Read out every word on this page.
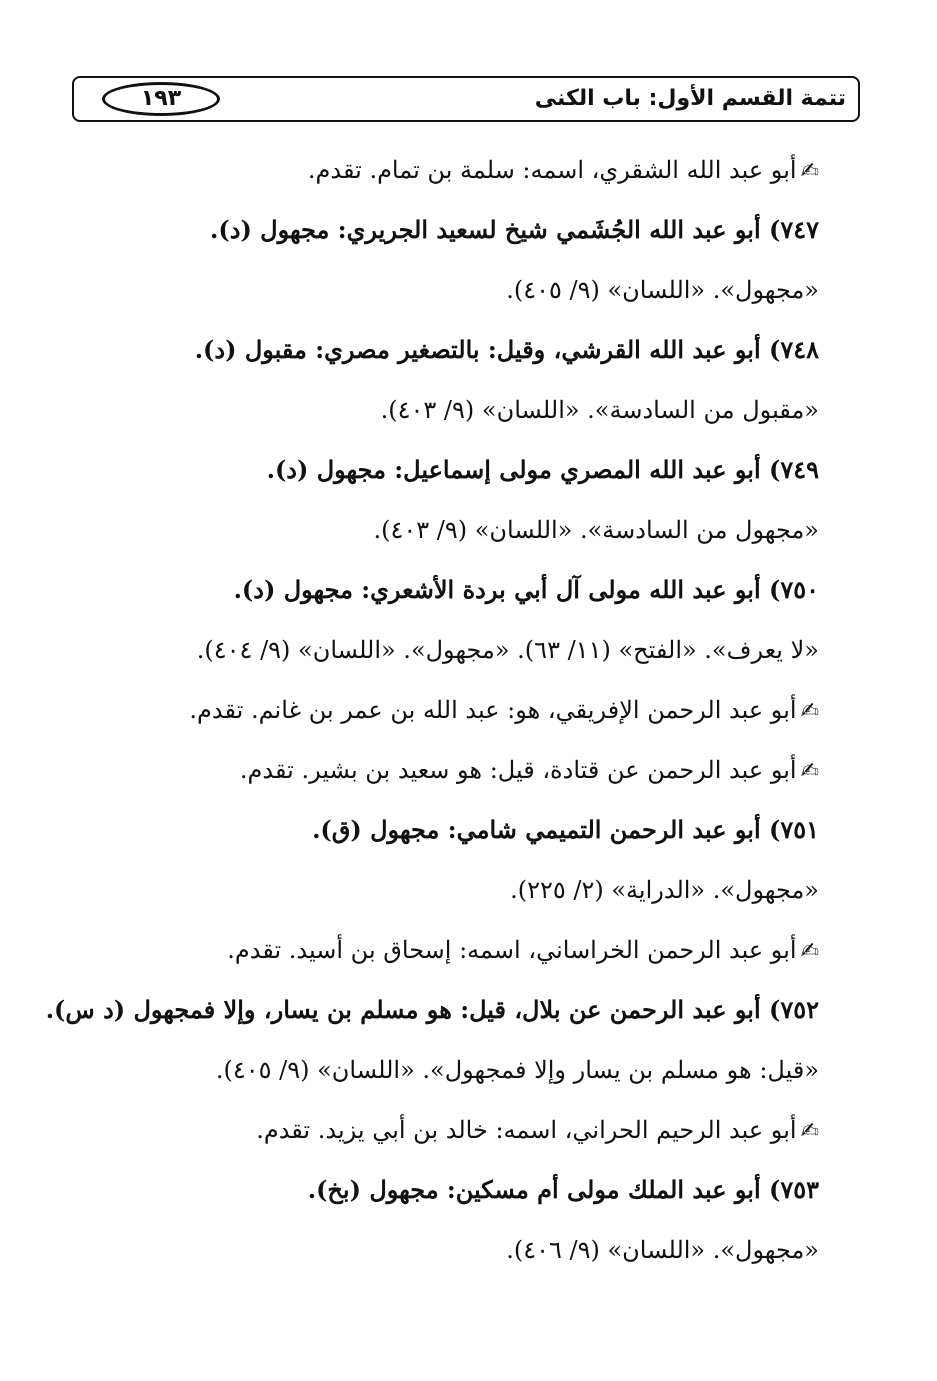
تتمة القسم الأول: باب الكنى
١٩٣
✍أبو عبد الله الشقري، اسمه: سلمة بن تمام. تقدم.
٧٤٧) أبو عبد الله الجُشَمي شيخ لسعيد الجريري: مجهول (د).
«مجهول». «اللسان» (٩/ ٤٠٥).
٧٤٨) أبو عبد الله القرشي، وقيل: بالتصغير مصري: مقبول (د).
«مقبول من السادسة». «اللسان» (٩/ ٤٠٣).
٧٤٩) أبو عبد الله المصري مولى إسماعيل: مجهول (د).
«مجهول من السادسة». «اللسان» (٩/ ٤٠٣).
٧٥٠) أبو عبد الله مولى آل أبي بردة الأشعري: مجهول (د).
«لا يعرف». «الفتح» (١١/ ٦٣). «مجهول». «اللسان» (٩/ ٤٠٤).
✍أبو عبد الرحمن الإفريقي، هو: عبد الله بن عمر بن غانم. تقدم.
✍أبو عبد الرحمن عن قتادة، قيل: هو سعيد بن بشير. تقدم.
٧٥١) أبو عبد الرحمن التميمي شامي: مجهول (ق).
«مجهول». «الدراية» (٢/ ٢٢٥).
✍أبو عبد الرحمن الخراساني، اسمه: إسحاق بن أسيد. تقدم.
٧٥٢) أبو عبد الرحمن عن بلال، قيل: هو مسلم بن يسار، وإلا فمجهول (د س).
«قيل: هو مسلم بن يسار وإلا فمجهول». «اللسان» (٩/ ٤٠٥).
✍أبو عبد الرحيم الحراني، اسمه: خالد بن أبي يزيد. تقدم.
٧٥٣) أبو عبد الملك مولى أم مسكين: مجهول (بخ).
«مجهول». «اللسان» (٩/ ٤٠٦).
